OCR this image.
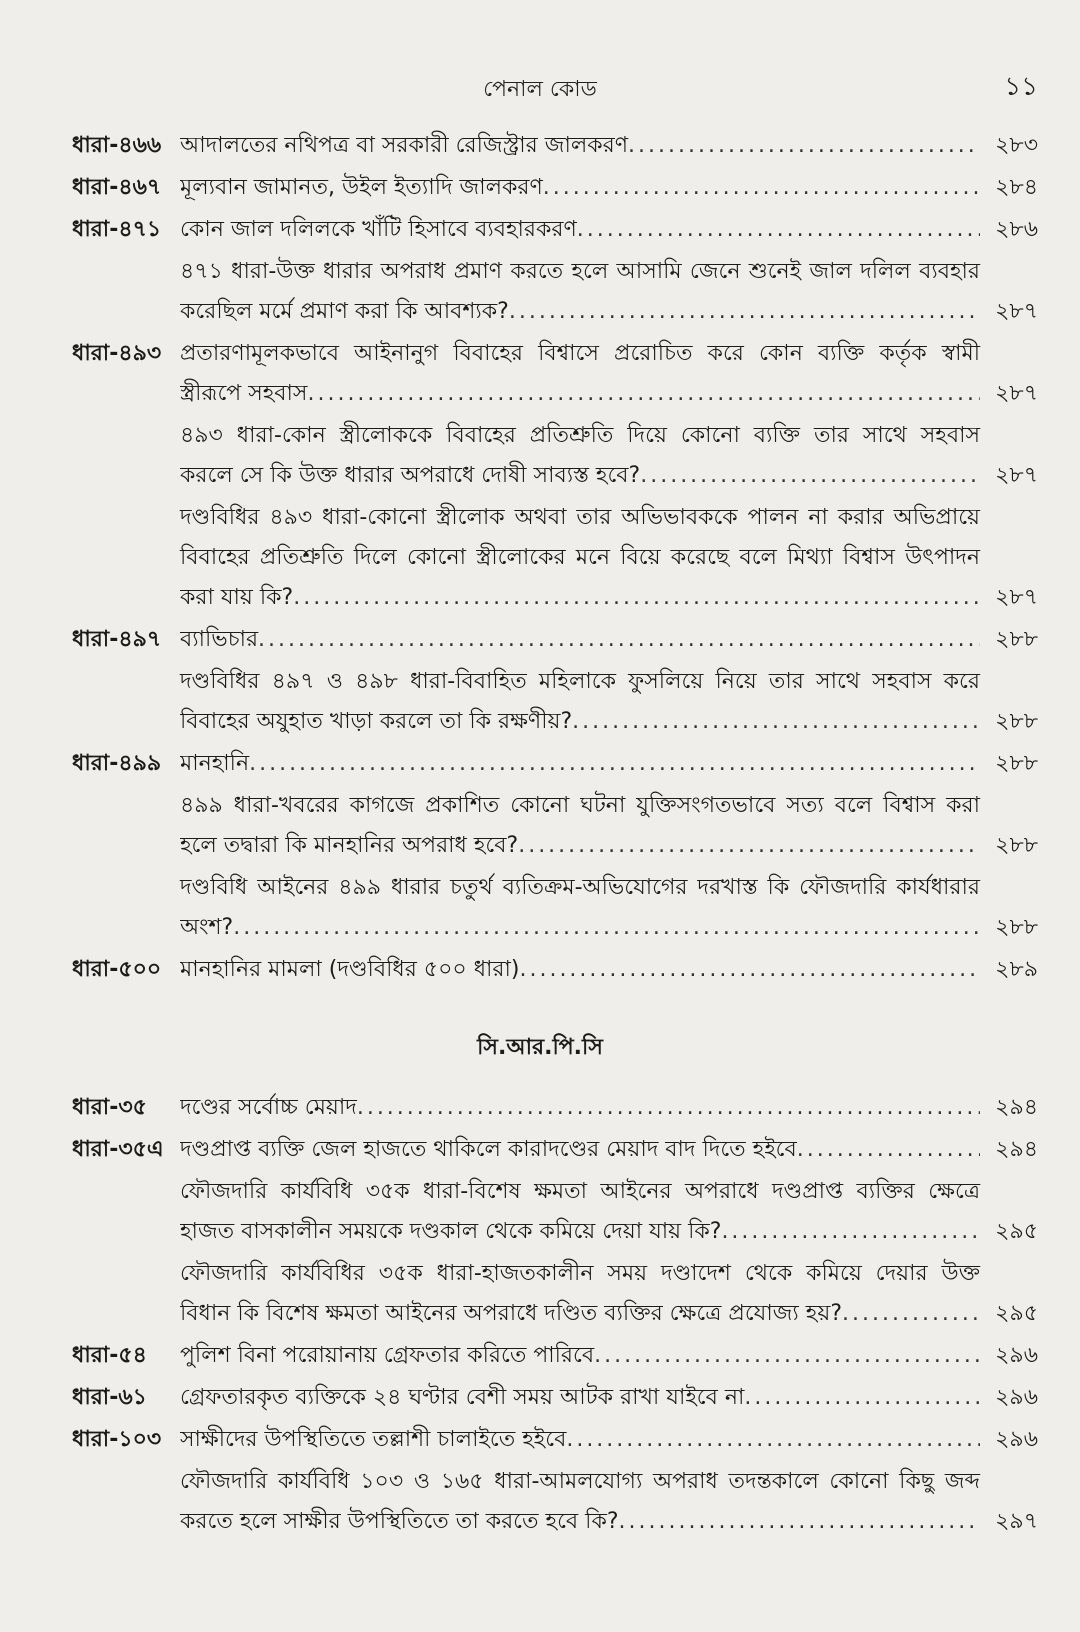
পেনাল কোড	১১
ধারা-৪৬৬ আদালতের নথিপত্র বা সরকারী রেজিস্ট্রার জালকরণ .....	২৮৩
ধারা-৪৬৭ মূল্যবান জামানত, উইল ইত্যাদি জালকরণ .....	২৮৪
ধারা-৪৭১ কোন জাল দলিলকে খাঁটি হিসাবে ব্যবহারকরণ .....	২৮৬
৪৭১ ধারা-উক্ত ধারার অপরাধ প্রমাণ করতে হলে আসামি জেনে শুনেই জাল দলিল ব্যবহার
করেছিল মর্মে প্রমাণ করা কি আবশ্যক? .....	২৮৭
ধারা-৪৯৩ প্রতারণামূলকভাবে আইনানুগ বিবাহের বিশ্বাসে প্ররোচিত করে কোন ব্যক্তি কর্তৃক স্বামী
স্ত্রীরূপে সহবাস .....	২৮৭
৪৯৩ ধারা-কোন স্ত্রীলোককে বিবাহের প্রতিশ্রুতি দিয়ে কোনো ব্যক্তি তার সাথে সহবাস
করলে সে কি উক্ত ধারার অপরাধে দোষী সাব্যস্ত হবে? .....	২৮৭
দণ্ডবিধির ৪৯৩ ধারা-কোনো স্ত্রীলোক অথবা তার অভিভাবককে পালন না করার অভিপ্রায়ে
বিবাহের প্রতিশ্রুতি দিলে কোনো স্ত্রীলোকের মনে বিয়ে করেছে বলে মিথ্যা বিশ্বাস উৎপাদন
করা যায় কি? .....	২৮৭
ধারা-৪৯৭ ব্যাভিচার .....	২৮৮
দণ্ডবিধির ৪৯৭ ও ৪৯৮ ধারা-বিবাহিত মহিলাকে ফুসলিয়ে নিয়ে তার সাথে সহবাস করে
বিবাহের অযুহাত খাড়া করলে তা কি রক্ষণীয়? .....	২৮৮
ধারা-৪৯৯ মানহানি .....	২৮৮
৪৯৯ ধারা-খবরের কাগজে প্রকাশিত কোনো ঘটনা যুক্তিসংগতভাবে সত্য বলে বিশ্বাস করা
হলে তদ্বারা কি মানহানির অপরাধ হবে? .....	২৮৮
দণ্ডবিধি আইনের ৪৯৯ ধারার চতুর্থ ব্যতিক্রম-অভিযোগের দরখাস্ত কি ফৌজদারি কার্যধারার
অংশ? .....	২৮৮
ধারা-৫০০ মানহানির মামলা (দণ্ডবিধির ৫০০ ধারা) .....	২৮৯
সি.আর.পি.সি
ধারা-৩৫ দণ্ডের সর্বোচ্চ মেয়াদ .....	২৯৪
ধারা-৩৫এ দণ্ডপ্রাপ্ত ব্যক্তি জেল হাজতে থাকিলে কারাদণ্ডের মেয়াদ বাদ দিতে হইবে .....	২৯৪
ফৌজদারি কার্যবিধি ৩৫ক ধারা-বিশেষ ক্ষমতা আইনের অপরাধে দণ্ডপ্রাপ্ত ব্যক্তির ক্ষেত্রে
হাজত বাসকালীন সময়কে দণ্ডকাল থেকে কমিয়ে দেয়া যায় কি? .....	২৯৫
ফৌজদারি কার্যবিধির ৩৫ক ধারা-হাজতকালীন সময় দণ্ডাদেশ থেকে কমিয়ে দেয়ার উক্ত
বিধান কি বিশেষ ক্ষমতা আইনের অপরাধে দণ্ডিত ব্যক্তির ক্ষেত্রে প্রযোজ্য হয়? .....	২৯৫
ধারা-৫৪ পুলিশ বিনা পরোয়ানায় গ্রেফতার করিতে পারিবে .....	২৯৬
ধারা-৬১ গ্রেফতারকৃত ব্যক্তিকে ২৪ ঘণ্টার বেশী সময় আটক রাখা যাইবে না .....	২৯৬
ধারা-১০৩ সাক্ষীদের উপস্থিতিতে তল্লাশী চালাইতে হইবে .....	২৯৬
ফৌজদারি কার্যবিধি ১০৩ ও ১৬৫ ধারা-আমলযোগ্য অপরাধ তদন্তকালে কোনো কিছু জব্দ
করতে হলে সাক্ষীর উপস্থিতিতে তা করতে হবে কি? .....	২৯৭
